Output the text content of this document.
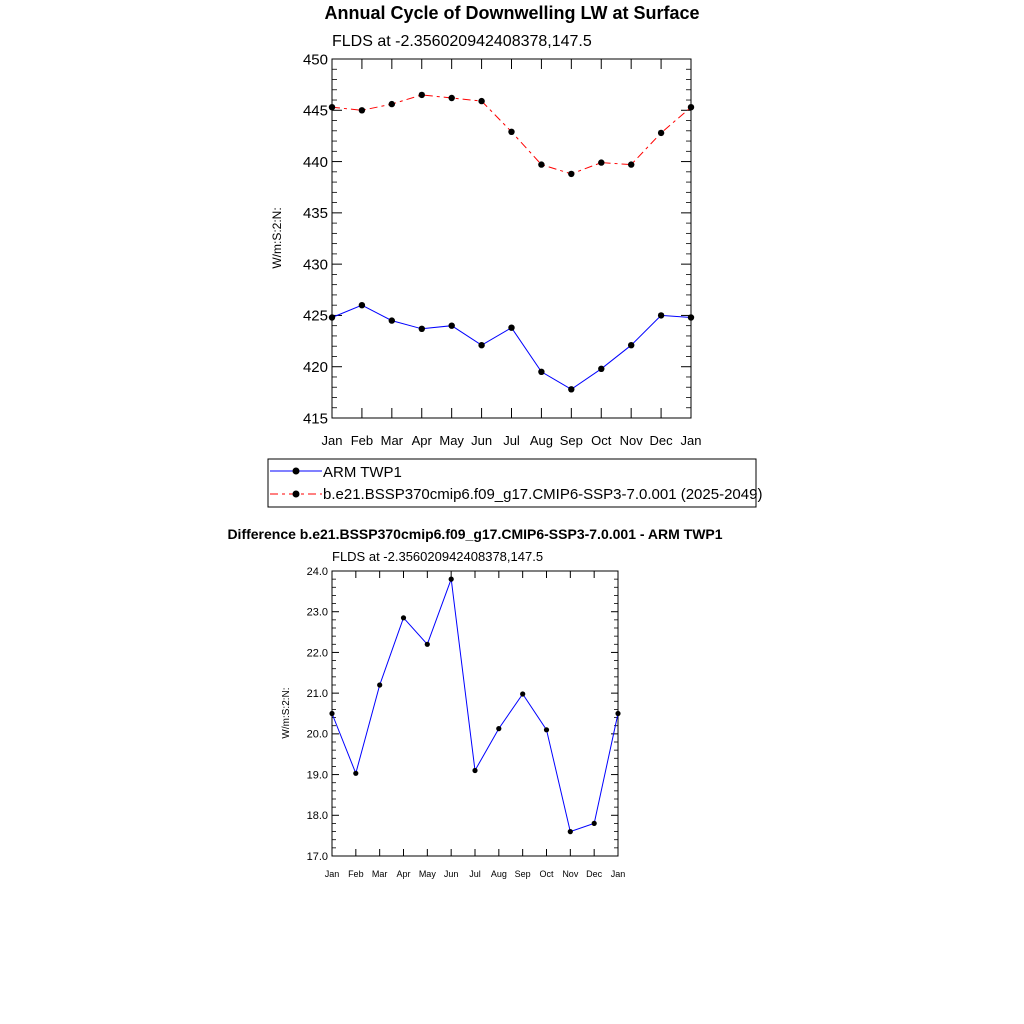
Annual Cycle of Downwelling LW at Surface
FLDS at -2.356020942408378,147.5
W/m:S:2:N:
415
420
425
430
435
440
445
450
Jan Feb Mar Apr May Jun Jul Aug Sep Oct Nov Dec Jan
ARM TWP1
b.e21.BSSP370cmip6.f09_g17.CMIP6-SSP3-7.0.001 (2025-2049)
Difference b.e21.BSSP370cmip6.f09_g17.CMIP6-SSP3-7.0.001 - ARM TWP1
FLDS at -2.356020942408378,147.5
W/m:S:2:N:
17.0
18.0
19.0
20.0
21.0
22.0
23.0
24.0
Jan Feb Mar Apr May Jun Jul Aug Sep Oct Nov Dec Jan
